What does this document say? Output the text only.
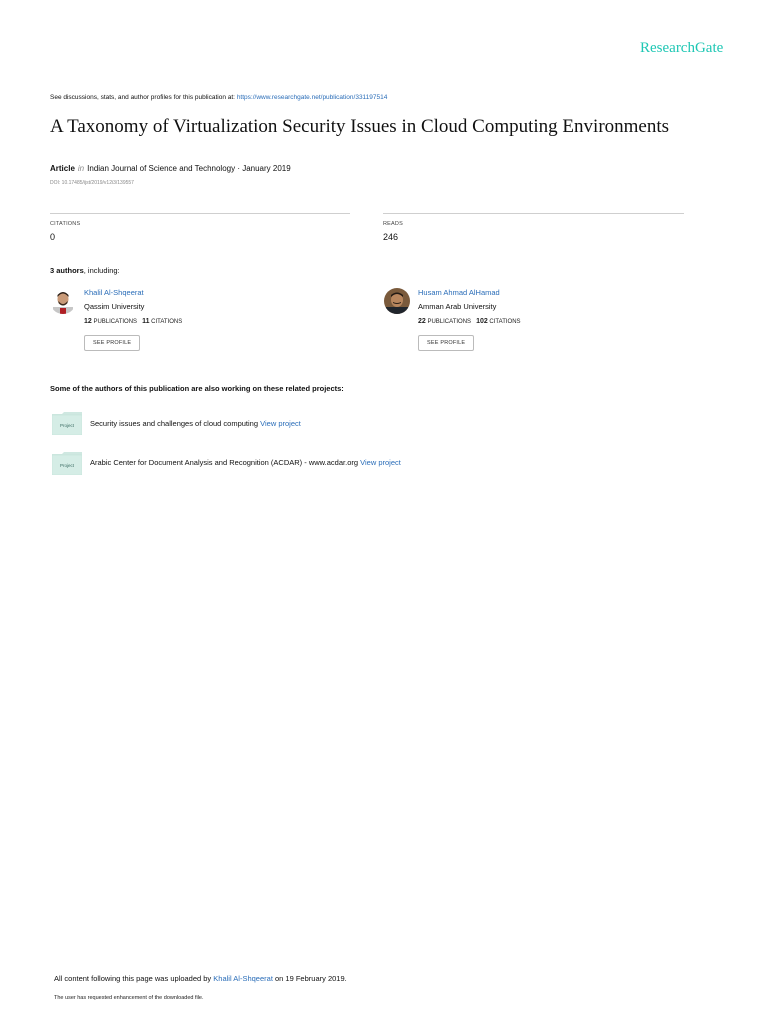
ResearchGate
See discussions, stats, and author profiles for this publication at: https://www.researchgate.net/publication/331197514
A Taxonomy of Virtualization Security Issues in Cloud Computing Environments
Article in Indian Journal of Science and Technology · January 2019
DOI: 10.17485/ijst/2019/v12i3/139557
CITATIONS
0
READS
246
3 authors, including:
Khalil Al-Shqeerat
Qassim University
12 PUBLICATIONS 11 CITATIONS
SEE PROFILE
Husam Ahmad AlHamad
Amman Arab University
22 PUBLICATIONS 102 CITATIONS
SEE PROFILE
Some of the authors of this publication are also working on these related projects:
Project Security issues and challenges of cloud computing View project
Project Arabic Center for Document Analysis and Recognition (ACDAR) - www.acdar.org View project
All content following this page was uploaded by Khalil Al-Shqeerat on 19 February 2019.
The user has requested enhancement of the downloaded file.
